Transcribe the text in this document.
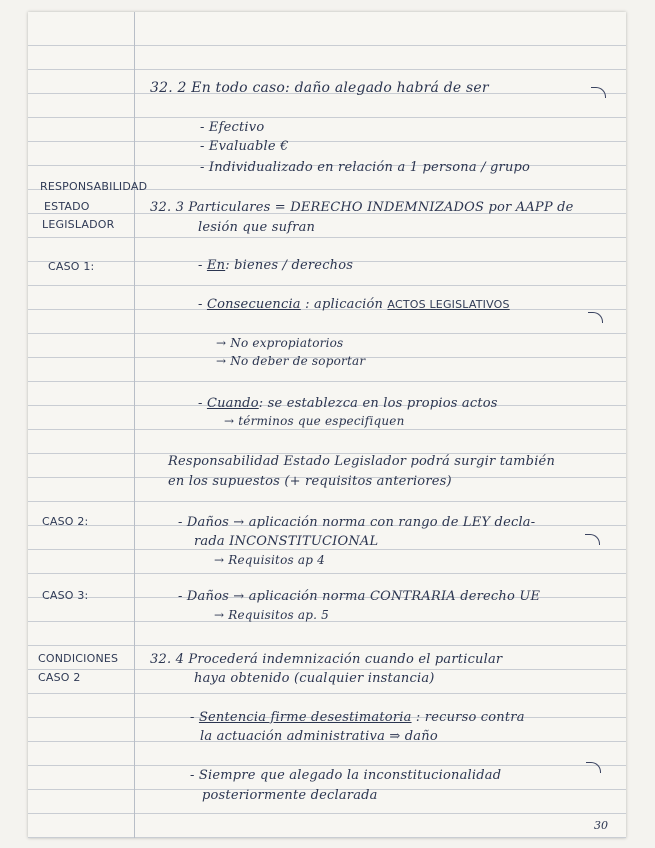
RESPONSABILIDAD
ESTADO
LEGISLADOR
CASO 1:
CASO 2:
CASO 3:
CONDICIONES
CASO 2
32. 2 En todo caso: daño alegado habrá de ser
- Efectivo
- Evaluable €
- Individualizado en relación a 1 persona / grupo
32. 3 Particulares = DERECHO INDEMNIZADOS por AAPP de
lesión que sufran
- En: bienes / derechos
- Consecuencia : aplicación ACTOS LEGISLATIVOS
→ No expropiatorios
→ No deber de soportar
- Cuando: se establezca en los propios actos
→ términos que especifiquen
Responsabilidad Estado Legislador podrá surgir también
en los supuestos (+ requisitos anteriores)
- Daños → aplicación norma con rango de LEY decla-
rada INCONSTITUCIONAL
→ Requisitos ap 4
- Daños → aplicación norma CONTRARIA derecho UE
→ Requisitos ap. 5
32. 4 Procederá indemnización cuando el particular
haya obtenido (cualquier instancia)
- Sentencia firme desestimatoria : recurso contra
la actuación administrativa ⇒ daño
- Siempre que alegado la inconstitucionalidad
posteriormente declarada
30
